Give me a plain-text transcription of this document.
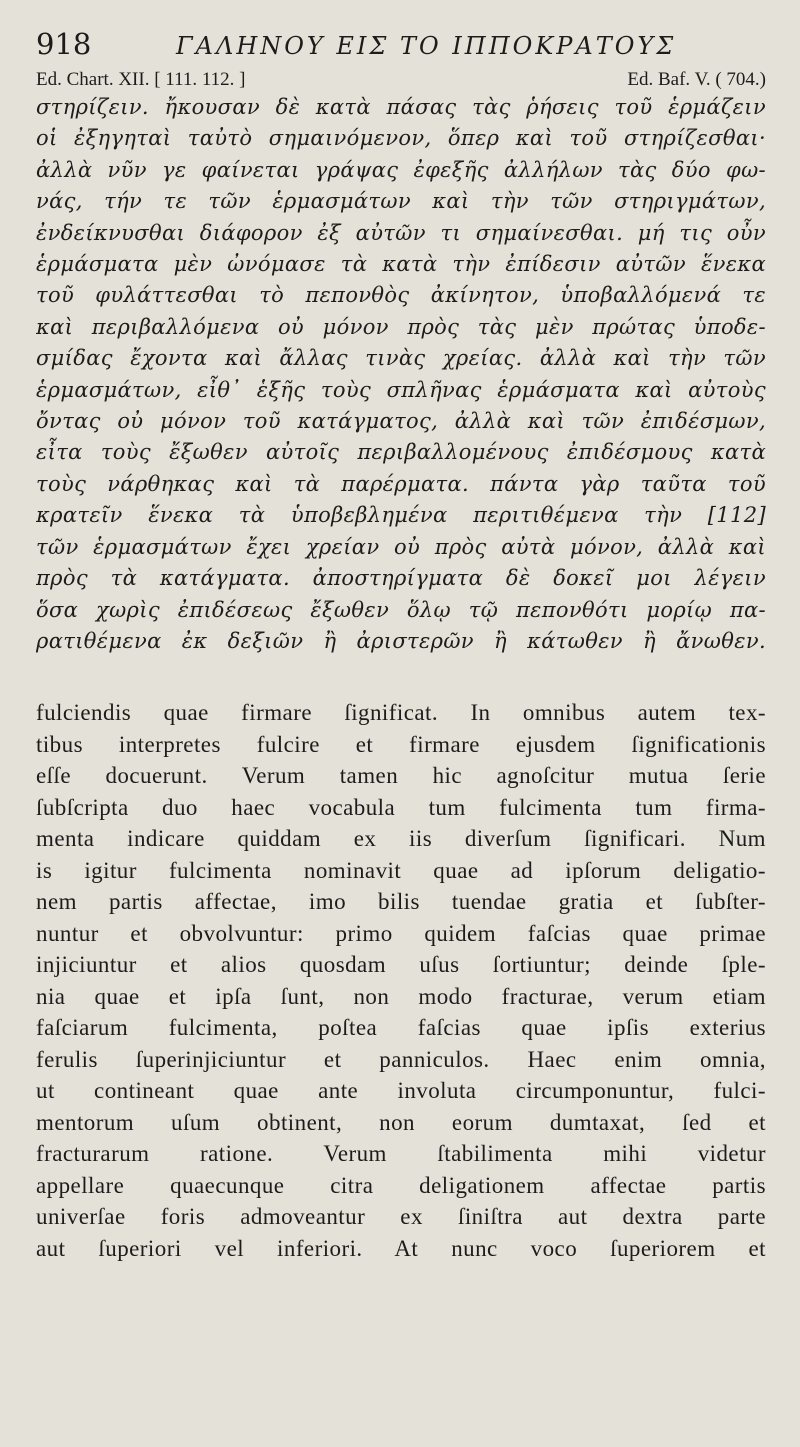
918	ΓΑΛΗΝΟΥ ΕΙΣ ΤΟ ΙΠΠΟΚΡΑΤΟΥΣ
Ed. Chart. XII. [ 111. 112. ]	Ed. Baf. V. ( 704.)
στηρίζειν. ἤκουσαν δὲ κατὰ πάσας τὰς ῥήσεις τοῦ ἑρμάζειν
οἱ ἐξηγηταὶ ταὐτὸ σημαινόμενον, ὅπερ καὶ τοῦ στηρίζεσθαι·
ἀλλὰ νῦν γε φαίνεται γράψας ἐφεξῆς ἀλλήλων τὰς δύο φω-
νάς, τήν τε τῶν ἑρμασμάτων καὶ τὴν τῶν στηριγμάτων,
ἐνδείκνυσθαι διάφορον ἐξ αὐτῶν τι σημαίνεσθαι. μή τις οὖν
ἑρμάσματα μὲν ὠνόμασε τὰ κατὰ τὴν ἐπίδεσιν αὐτῶν ἕνεκα
τοῦ φυλάττεσθαι τὸ πεπονθὸς ἀκίνητον, ὑποβαλλόμενά τε
καὶ περιβαλλόμενα οὐ μόνον πρὸς τὰς μὲν πρώτας ὑποδε-
σμίδας ἔχοντα καὶ ἄλλας τινὰς χρείας. ἀλλὰ καὶ τὴν τῶν
ἑρμασμάτων, εἶθ᾽ ἑξῆς τοὺς σπλῆνας ἑρμάσματα καὶ αὐτοὺς
ὄντας οὐ μόνον τοῦ κατάγματος, ἀλλὰ καὶ τῶν ἐπιδέσμων,
εἶτα τοὺς ἔξωθεν αὐτοῖς περιβαλλομένους ἐπιδέσμους κατὰ
τοὺς νάρθηκας καὶ τὰ παρέρματα. πάντα γὰρ ταῦτα τοῦ
κρατεῖν ἕνεκα τὰ ὑποβεβλημένα περιτιθέμενα τὴν [112]
τῶν ἑρμασμάτων ἔχει χρείαν οὐ πρὸς αὐτὰ μόνον, ἀλλὰ καὶ
πρὸς τὰ κατάγματα. ἀποστηρίγματα δὲ δοκεῖ μοι λέγειν
ὅσα χωρὶς ἐπιδέσεως ἔξωθεν ὅλῳ τῷ πεπονθότι μορίῳ πα-
ρατιθέμενα ἐκ δεξιῶν ἢ ἀριστερῶν ἢ κάτωθεν ἢ ἄνωθεν.
fulciendis quae firmare ſignificat. In omnibus autem tex-
tibus interpretes fulcire et firmare ejusdem ſignificationis
eſſe docuerunt. Verum tamen hic agnoſcitur mutua ſerie
ſubſcripta duo haec vocabula tum fulcimenta tum firma-
menta indicare quiddam ex iis diverſum ſignificari. Num
is igitur fulcimenta nominavit quae ad ipſorum deligatio-
nem partis affectae, imo bilis tuendae gratia et ſubſter-
nuntur et obvolvuntur: primo quidem faſcias quae primae
injiciuntur et alios quosdam uſus ſortiuntur; deinde ſple-
nia quae et ipſa ſunt, non modo fracturae, verum etiam
faſciarum fulcimenta, poſtea faſcias quae ipſis exterius
ferulis ſuperinjiciuntur et panniculos. Haec enim omnia,
ut contineant quae ante involuta circumponuntur, fulci-
mentorum uſum obtinent, non eorum dumtaxat, ſed et
fracturarum ratione. Verum ſtabilimenta mihi videtur
appellare quaecunque citra deligationem affectae partis
univerſae foris admoveantur ex ſiniſtra aut dextra parte
aut ſuperiori vel inferiori. At nunc voco ſuperiorem et
